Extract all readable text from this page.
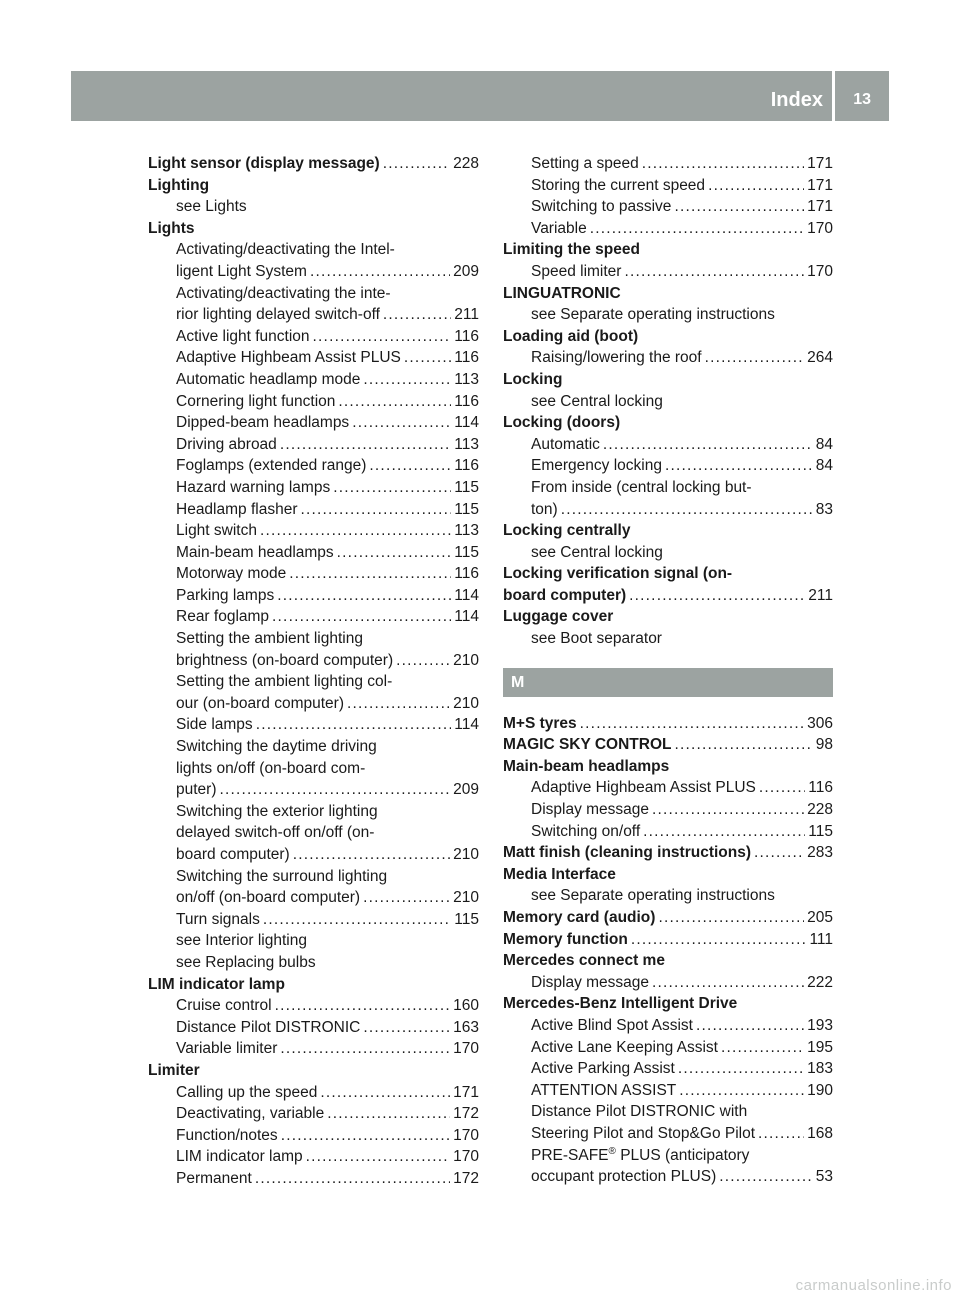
Index 13
Light sensor (display message) .....	228
Lighting
see Lights
Lights
Activating/deactivating the Intel-
ligent Light System .....	209
Activating/deactivating the inte-
rior lighting delayed switch-off .....	211
Active light function .....	116
Adaptive Highbeam Assist PLUS .....	116
Automatic headlamp mode .....	113
Cornering light function .....	116
Dipped-beam headlamps .....	114
Driving abroad .....	113
Foglamps (extended range) .....	116
Hazard warning lamps .....	115
Headlamp flasher .....	115
Light switch .....	113
Main-beam headlamps .....	115
Motorway mode .....	116
Parking lamps .....	114
Rear foglamp .....	114
Setting the ambient lighting
brightness (on-board computer) .....	210
Setting the ambient lighting col-
our (on-board computer) .....	210
Side lamps .....	114
Switching the daytime driving
lights on/off (on-board com-
puter) .....	209
Switching the exterior lighting
delayed switch-off on/off (on-
board computer) .....	210
Switching the surround lighting
on/off (on-board computer) .....	210
Turn signals .....	115
see Interior lighting
see Replacing bulbs
LIM indicator lamp
Cruise control .....	160
Distance Pilot DISTRONIC .....	163
Variable limiter .....	170
Limiter
Calling up the speed .....	171
Deactivating, variable .....	172
Function/notes .....	170
LIM indicator lamp .....	170
Permanent .....	172
Setting a speed .....	171
Storing the current speed .....	171
Switching to passive .....	171
Variable .....	170
Limiting the speed
Speed limiter .....	170
LINGUATRONIC
see Separate operating instructions
Loading aid (boot)
Raising/lowering the roof .....	264
Locking
see Central locking
Locking (doors)
Automatic .....	84
Emergency locking .....	84
From inside (central locking but-
ton) .....	83
Locking centrally
see Central locking
Locking verification signal (on-
board computer) .....	211
Luggage cover
see Boot separator
M
M+S tyres .....	306
MAGIC SKY CONTROL .....	98
Main-beam headlamps
Adaptive Highbeam Assist PLUS .....	116
Display message .....	228
Switching on/off .....	115
Matt finish (cleaning instructions) .....	283
Media Interface
see Separate operating instructions
Memory card (audio) .....	205
Memory function .....	111
Mercedes connect me
Display message .....	222
Mercedes-Benz Intelligent Drive
Active Blind Spot Assist .....	193
Active Lane Keeping Assist .....	195
Active Parking Assist .....	183
ATTENTION ASSIST .....	190
Distance Pilot DISTRONIC with
Steering Pilot and Stop&Go Pilot .....	168
PRE-SAFE® PLUS (anticipatory
occupant protection PLUS) .....	53
carmanualsonline.info
